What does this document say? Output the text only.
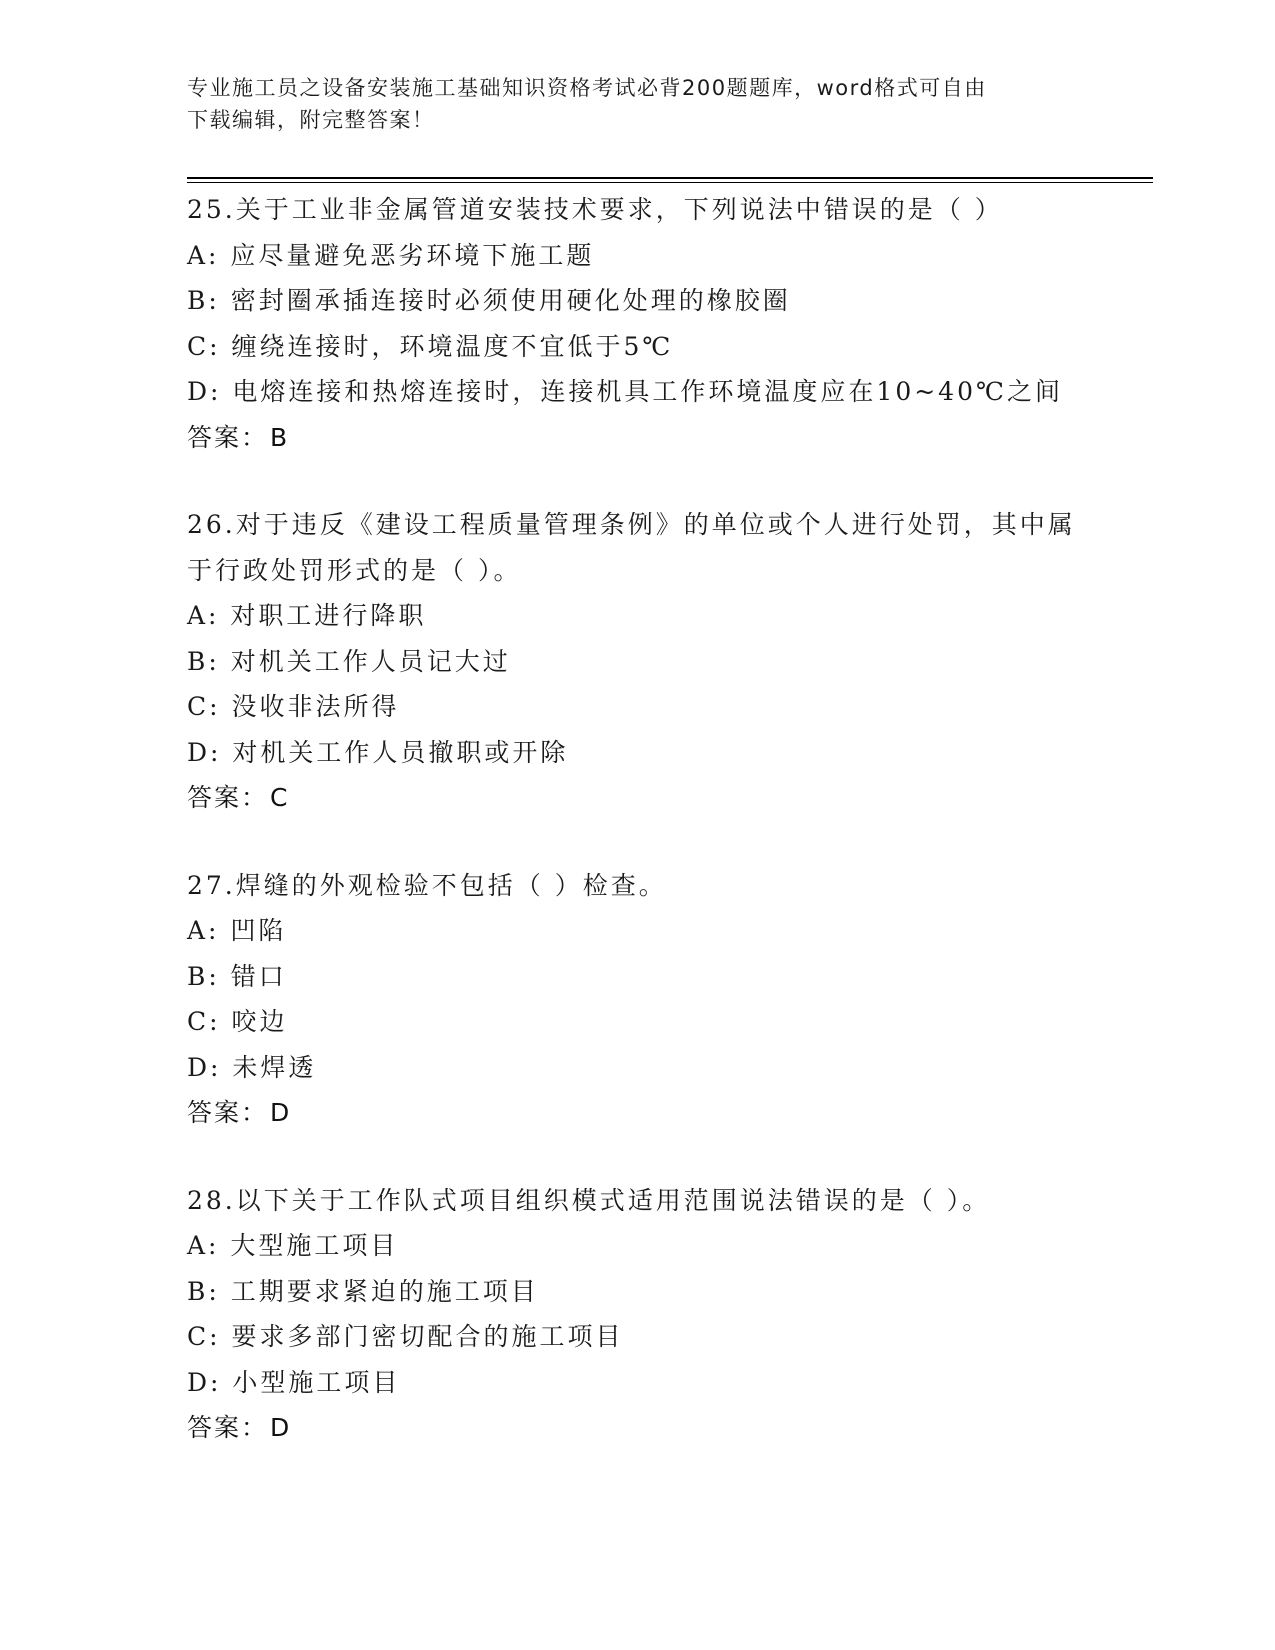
专业施工员之设备安装施工基础知识资格考试必背200题题库，word格式可自由
下载编辑，附完整答案！
25.关于工业非金属管道安装技术要求，下列说法中错误的是（ ）
A: 应尽量避免恶劣环境下施工题
B: 密封圈承插连接时必须使用硬化处理的橡胶圈
C: 缠绕连接时，环境温度不宜低于5℃
D: 电熔连接和热熔连接时，连接机具工作环境温度应在10~40℃之间
答案：B
26.对于违反《建设工程质量管理条例》的单位或个人进行处罚，其中属于行政处罚形式的是（ ）。
A: 对职工进行降职
B: 对机关工作人员记大过
C: 没收非法所得
D: 对机关工作人员撤职或开除
答案：C
27.焊缝的外观检验不包括（ ）检查。
A: 凹陷
B: 错口
C: 咬边
D: 未焊透
答案：D
28.以下关于工作队式项目组织模式适用范围说法错误的是（ ）。
A: 大型施工项目
B: 工期要求紧迫的施工项目
C: 要求多部门密切配合的施工项目
D: 小型施工项目
答案：D
